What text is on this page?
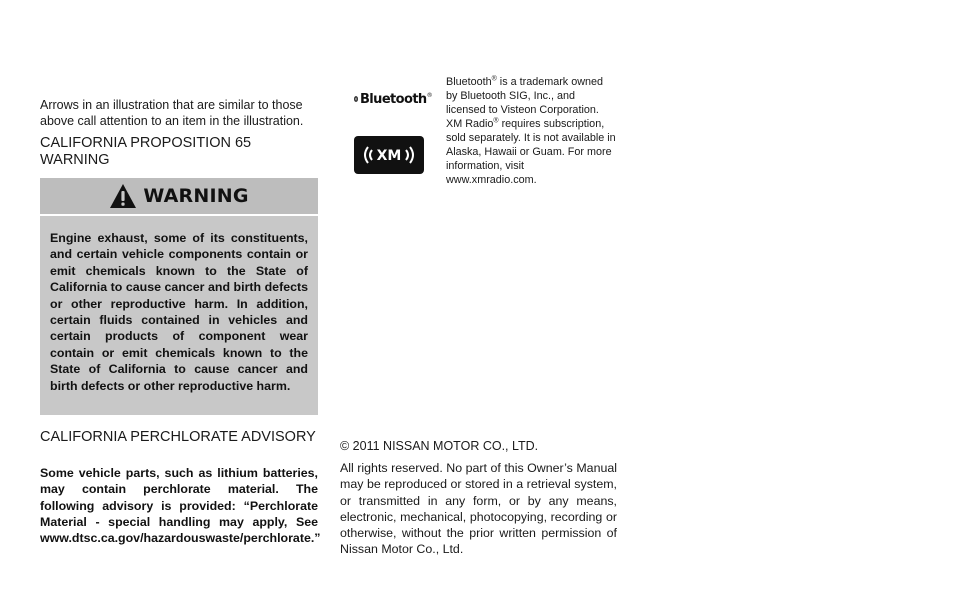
Arrows in an illustration that are similar to those above call attention to an item in the illustration.
CALIFORNIA PROPOSITION 65 WARNING
WARNING
Engine exhaust, some of its constituents, and certain vehicle components contain or emit chemicals known to the State of California to cause cancer and birth defects or other reproductive harm. In addition, certain fluids contained in vehicles and certain products of component wear contain or emit chemicals known to the State of California to cause cancer and birth defects or other reproductive harm.
CALIFORNIA PERCHLORATE ADVISORY
Some vehicle parts, such as lithium batteries, may contain perchlorate material. The following advisory is provided: “Perchlorate Material - special handling may apply, See www.dtsc.ca.gov/hazardouswaste/perchlorate.”
Bluetooth®
XM
Bluetooth® is a trademark owned by Bluetooth SIG, Inc., and licensed to Visteon Corporation.
XM Radio® requires subscription, sold separately. It is not available in Alaska, Hawaii or Guam. For more information, visit www.xmradio.com.
© 2011 NISSAN MOTOR CO., LTD.
All rights reserved. No part of this Owner’s Manual may be reproduced or stored in a retrieval system, or transmitted in any form, or by any means, electronic, mechanical, photocopying, recording or otherwise, without the prior written permission of Nissan Motor Co., Ltd.
